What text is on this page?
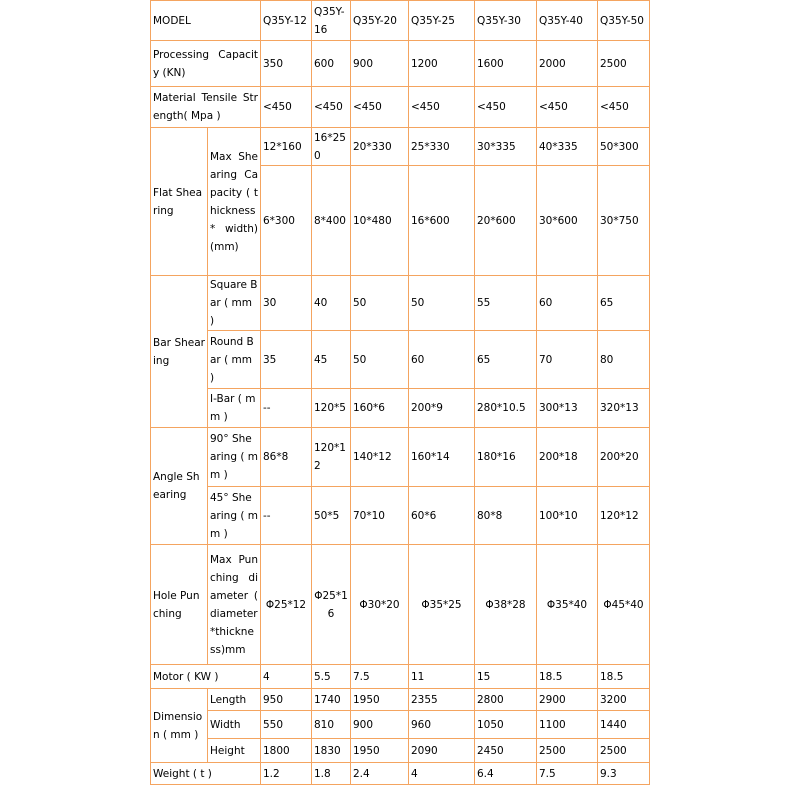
MODEL		Q35Y-12	Q35Y-16	Q35Y-20	Q35Y-25	Q35Y-30	Q35Y-40	Q35Y-50
Processing Capacity (KN)		350	600	900	1200	1600	2000	2500
Material Tensile Strength( Mpa )		<450	<450	<450	<450	<450	<450	<450
Flat Shearing	Max Shearing Capacity ( thickness* width) (mm)	12*160	16*250	20*330	25*330	30*335	40*335	50*300
		6*300	8*400	10*480	16*600	20*600	30*600	30*750
Bar Shearing	Square Bar ( mm )	30	40	50	50	55	60	65
	Round Bar ( mm )	35	45	50	60	65	70	80
	I-Bar ( mm )	--	120*5	160*6	200*9	280*10.5	300*13	320*13
Angle Shearing	90° Shearing ( mm )	86*8	120*12	140*12	160*14	180*16	200*18	200*20
	45° Shearing ( mm )	--	50*5	70*10	60*6	80*8	100*10	120*12
Hole Punching	Max Punching diameter ( diameter*thickness)mm	Φ25*12	Φ25*16	Φ30*20	Φ35*25	Φ38*28	Φ35*40	Φ45*40
Motor ( KW )		4	5.5	7.5	11	15	18.5	18.5
Dimension ( mm )	Length	950	1740	1950	2355	2800	2900	3200
	Width	550	810	900	960	1050	1100	1440
	Height	1800	1830	1950	2090	2450	2500	2500
Weight ( t )		1.2	1.8	2.4	4	6.4	7.5	9.3
